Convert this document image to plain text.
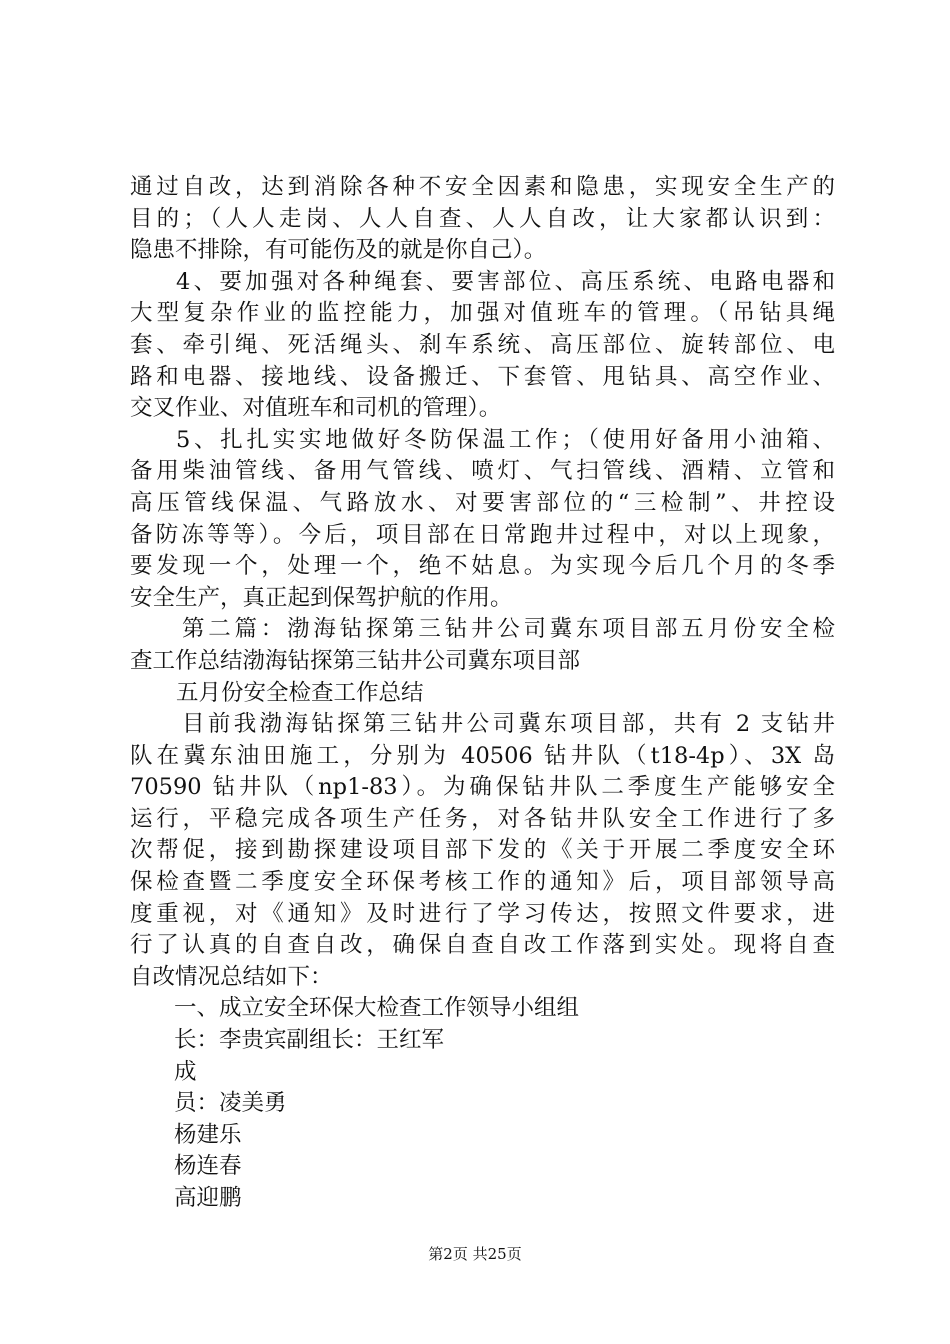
通过自改，达到消除各种不安全因素和隐患，实现安全生产的
目的；（人人走岗、人人自查、人人自改，让大家都认识到：
隐患不排除，有可能伤及的就是你自己）。
4、要加强对各种绳套、要害部位、高压系统、电路电器和
大型复杂作业的监控能力，加强对值班车的管理。（吊钻具绳
套、牵引绳、死活绳头、刹车系统、高压部位、旋转部位、电
路和电器、接地线、设备搬迁、下套管、甩钻具、高空作业、
交叉作业、对值班车和司机的管理）。
5、扎扎实实地做好冬防保温工作；（使用好备用小油箱、
备用柴油管线、备用气管线、喷灯、气扫管线、酒精、立管和
高压管线保温、气路放水、对要害部位的“三检制”、井控设
备防冻等等）。今后，项目部在日常跑井过程中，对以上现象，
要发现一个，处理一个，绝不姑息。为实现今后几个月的冬季
安全生产，真正起到保驾护航的作用。
第二篇：渤海钻探第三钻井公司冀东项目部五月份安全检
查工作总结渤海钻探第三钻井公司冀东项目部
五月份安全检查工作总结
目前我渤海钻探第三钻井公司冀东项目部，共有 2 支钻井
队在冀东油田施工，分别为 40506 钻井队（t18-4p）、3X 岛
70590 钻井队（np1-83）。为确保钻井队二季度生产能够安全
运行，平稳完成各项生产任务，对各钻井队安全工作进行了多
次帮促，接到勘探建设项目部下发的《关于开展二季度安全环
保检查暨二季度安全环保考核工作的通知》后，项目部领导高
度重视，对《通知》及时进行了学习传达，按照文件要求，进
行了认真的自查自改，确保自查自改工作落到实处。现将自查
自改情况总结如下：
一、成立安全环保大检查工作领导小组组
长：李贵宾副组长：王红军
成
员：凌美勇
杨建乐
杨连春
高迎鹏
第2页 共25页
